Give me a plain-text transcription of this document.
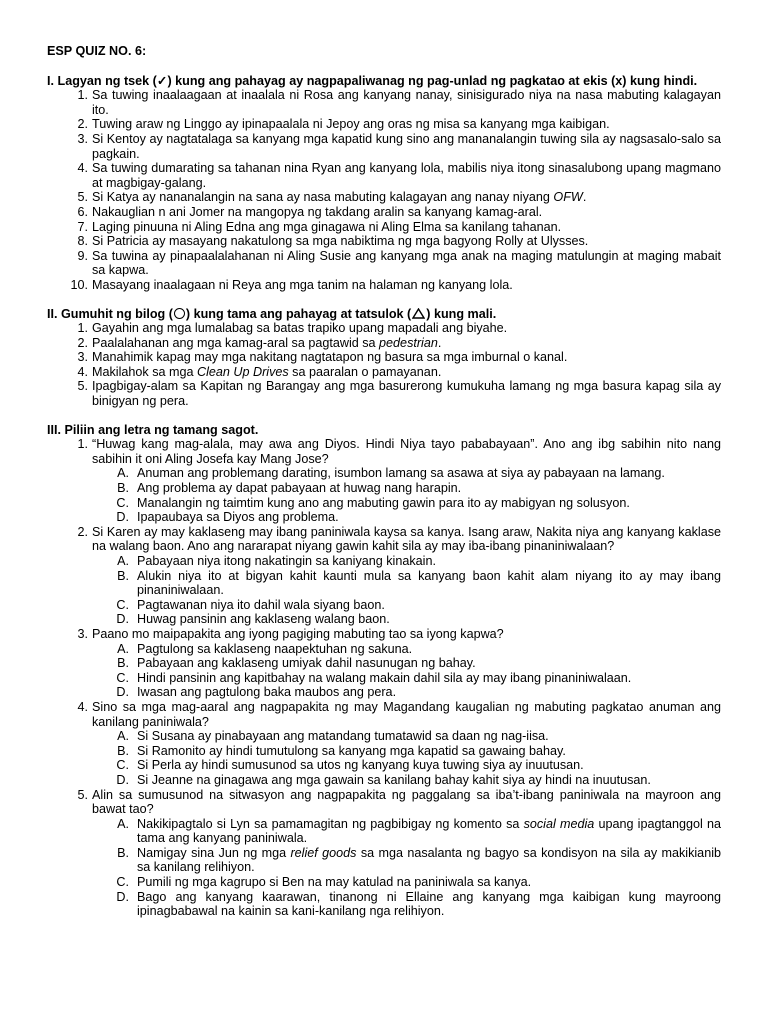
ESP QUIZ NO. 6:

I. Lagyan ng tsek (✓) kung ang pahayag ay nagpapaliwanag ng pag-unlad ng pagkatao at ekis (x) kung hindi.

1. Sa tuwing inaalaagaan at inaalala ni Rosa ang kanyang nanay, sinisigurado niya na nasa mabuting kalagayan ito.
2. Tuwing araw ng Linggo ay ipinapaalala ni Jepoy ang oras ng misa sa kanyang mga kaibigan.
3. Si Kentoy ay nagtatalaga sa kanyang mga kapatid kung sino ang mananalangin tuwing sila ay nagsasalo-salo sa pagkain.
4. Sa tuwing dumarating sa tahanan nina Ryan ang kanyang lola, mabilis niya itong sinasalubong upang magmano at magbigay-galang.
5. Si Katya ay nananalangin na sana ay nasa mabuting kalagayan ang nanay niyang OFW.
6. Nakauglian n ani Jomer na mangopya ng takdang aralin sa kanyang kamag-aral.
7. Laging pinuuna ni Aling Edna ang mga ginagawa ni Aling Elma sa kanilang tahanan.
8. Si Patricia ay masayang nakatulong sa mga nabiktima ng mga bagyong Rolly at Ulysses.
9. Sa tuwina ay pinapaalalahanan ni Aling Susie ang kanyang mga anak na maging matulungin at maging mabait sa kapwa.
10. Masayang inaalagaan ni Reya ang mga tanim na halaman ng kanyang lola.

II. Gumuhit ng bilog ( ) kung tama ang pahayag at tatsulok ( ) kung mali.

1. Gayahin ang mga lumalabag sa batas trapiko upang mapadali ang biyahe.
2. Paalalahanan ang mga kamag-aral sa pagtawid sa pedestrian.
3. Manahimik kapag may mga nakitang nagtatapon ng basura sa mga imburnal o kanal.
4. Makilahok sa mga Clean Up Drives sa paaralan o pamayanan.
5. Ipagbigay-alam sa Kapitan ng Barangay ang mga basurerong kumukuha lamang ng mga basura kapag sila ay binigyan ng pera.

III. Piliin ang letra ng tamang sagot.

1. “Huwag kang mag-alala, may awa ang Diyos. Hindi Niya tayo pababayaan”. Ano ang ibg sabihin nito nang sabihin it oni Aling Josefa kay Mang Jose?
A. Anuman ang problemang darating, isumbon lamang sa asawa at siya ay pabayaan na lamang.
B. Ang problema ay dapat pabayaan at huwag nang harapin.
C. Manalangin ng taimtim kung ano ang mabuting gawin para ito ay mabigyan ng solusyon.
D. Ipapaubaya sa Diyos ang problema.
2. Si Karen ay may kaklaseng may ibang paniniwala kaysa sa kanya. Isang araw, Nakita niya ang kanyang kaklase na walang baon. Ano ang nararapat niyang gawin kahit sila ay may iba-ibang pinaniniwalaan?
A. Pabayaan niya itong nakatingin sa kaniyang kinakain.
B. Alukin niya ito at bigyan kahit kaunti mula sa kanyang baon kahit alam niyang ito ay may ibang pinaniniwalaan.
C. Pagtawanan niya ito dahil wala siyang baon.
D. Huwag pansinin ang kaklaseng walang baon.
3. Paano mo maipapakita ang iyong pagiging mabuting tao sa iyong kapwa?
A. Pagtulong sa kaklaseng naapektuhan ng sakuna.
B. Pabayaan ang kaklaseng umiyak dahil nasunugan ng bahay.
C. Hindi pansinin ang kapitbahay na walang makain dahil sila ay may ibang pinaniniwalaan.
D. Iwasan ang pagtulong baka maubos ang pera.
4. Sino sa mga mag-aaral ang nagpapakita ng may Magandang kaugalian ng mabuting pagkatao anuman ang kanilang paniniwala?
A. Si Susana ay pinabayaan ang matandang tumatawid sa daan ng nag-iisa.
B. Si Ramonito ay hindi tumutulong sa kanyang mga kapatid sa gawaing bahay.
C. Si Perla ay hindi sumusunod sa utos ng kanyang kuya tuwing siya ay inuutusan.
D. Si Jeanne na ginagawa ang mga gawain sa kanilang bahay kahit siya ay hindi na inuutusan.
5. Alin sa sumusunod na sitwasyon ang nagpapakita ng paggalang sa iba’t-ibang paniniwala na mayroon ang bawat tao?
A. Nakikipagtalo si Lyn sa pamamagitan ng pagbibigay ng komento sa social media upang ipagtanggol na tama ang kanyang paniniwala.
B. Namigay sina Jun ng mga relief goods sa mga nasalanta ng bagyo sa kondisyon na sila ay makikianib sa kanilang relihiyon.
C. Pumili ng mga kagrupo si Ben na may katulad na paniniwala sa kanya.
D. Bago ang kanyang kaarawan, tinanong ni Ellaine ang kanyang mga kaibigan kung mayroong ipinagbabawal na kainin sa kani-kanilang nga relihiyon.
